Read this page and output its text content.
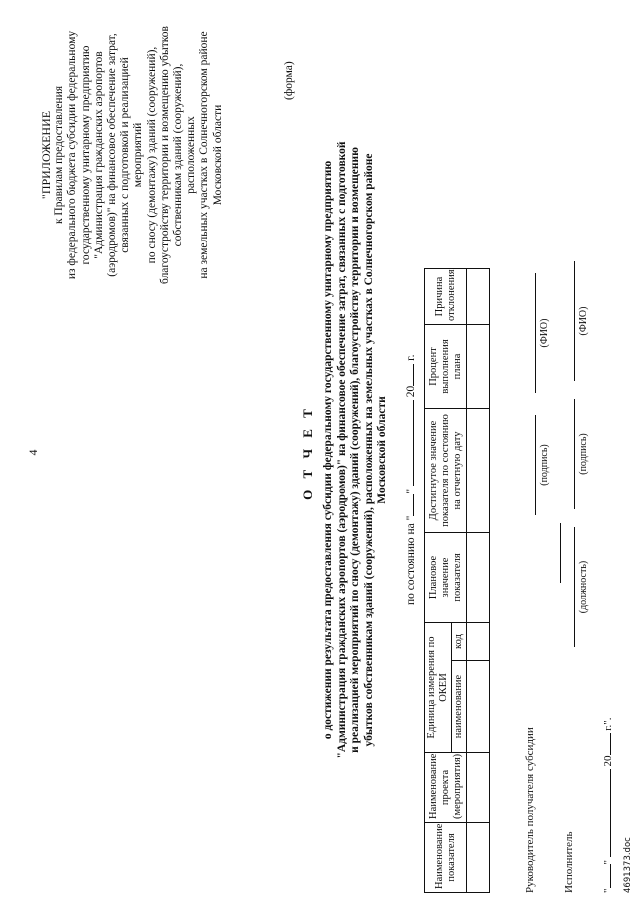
4
"ПРИЛОЖЕНИЕ к Правилам предоставления из федерального бюджета субсидии федеральному государственному унитарному предприятию "Администрация гражданских аэропортов (аэродромов)" на финансовое обеспечение затрат, связанных с подготовкой и реализацией мероприятий по сносу (демонтажу) зданий (сооружений), благоустройству территории и возмещению убытков собственникам зданий (сооружений), расположенных на земельных участках в Солнечногорском районе Московской области
(форма)
О Т Ч Е Т о достижении результата предоставления субсидии федеральному государственному унитарному предприятию "Администрация гражданских аэропортов (аэродромов)" на финансовое обеспечение затрат, связанных с подготовкой и реализацией мероприятий по сносу (демонтажу) зданий (сооружений), благоустройству территории и возмещению убытков собственникам зданий (сооружений), расположенных на земельных участках в Солнечногорском районе Московской области
по состоянию на ""  20 г.
Наименование показателя	Наименование проекта (мероприятия)	Единица измерения по ОКЕИ		Плановое значение показателя	Достигнутое значение показателя по состоянию на отчетную дату	Процент выполнения плана	Причина отклонения	
		наименование	код					

Руководитель получателя субсидии
(подпись)
(ФИО)
Исполнитель
(должность)
(подпись)
(ФИО)
""  20 г.".
4691373.doc
